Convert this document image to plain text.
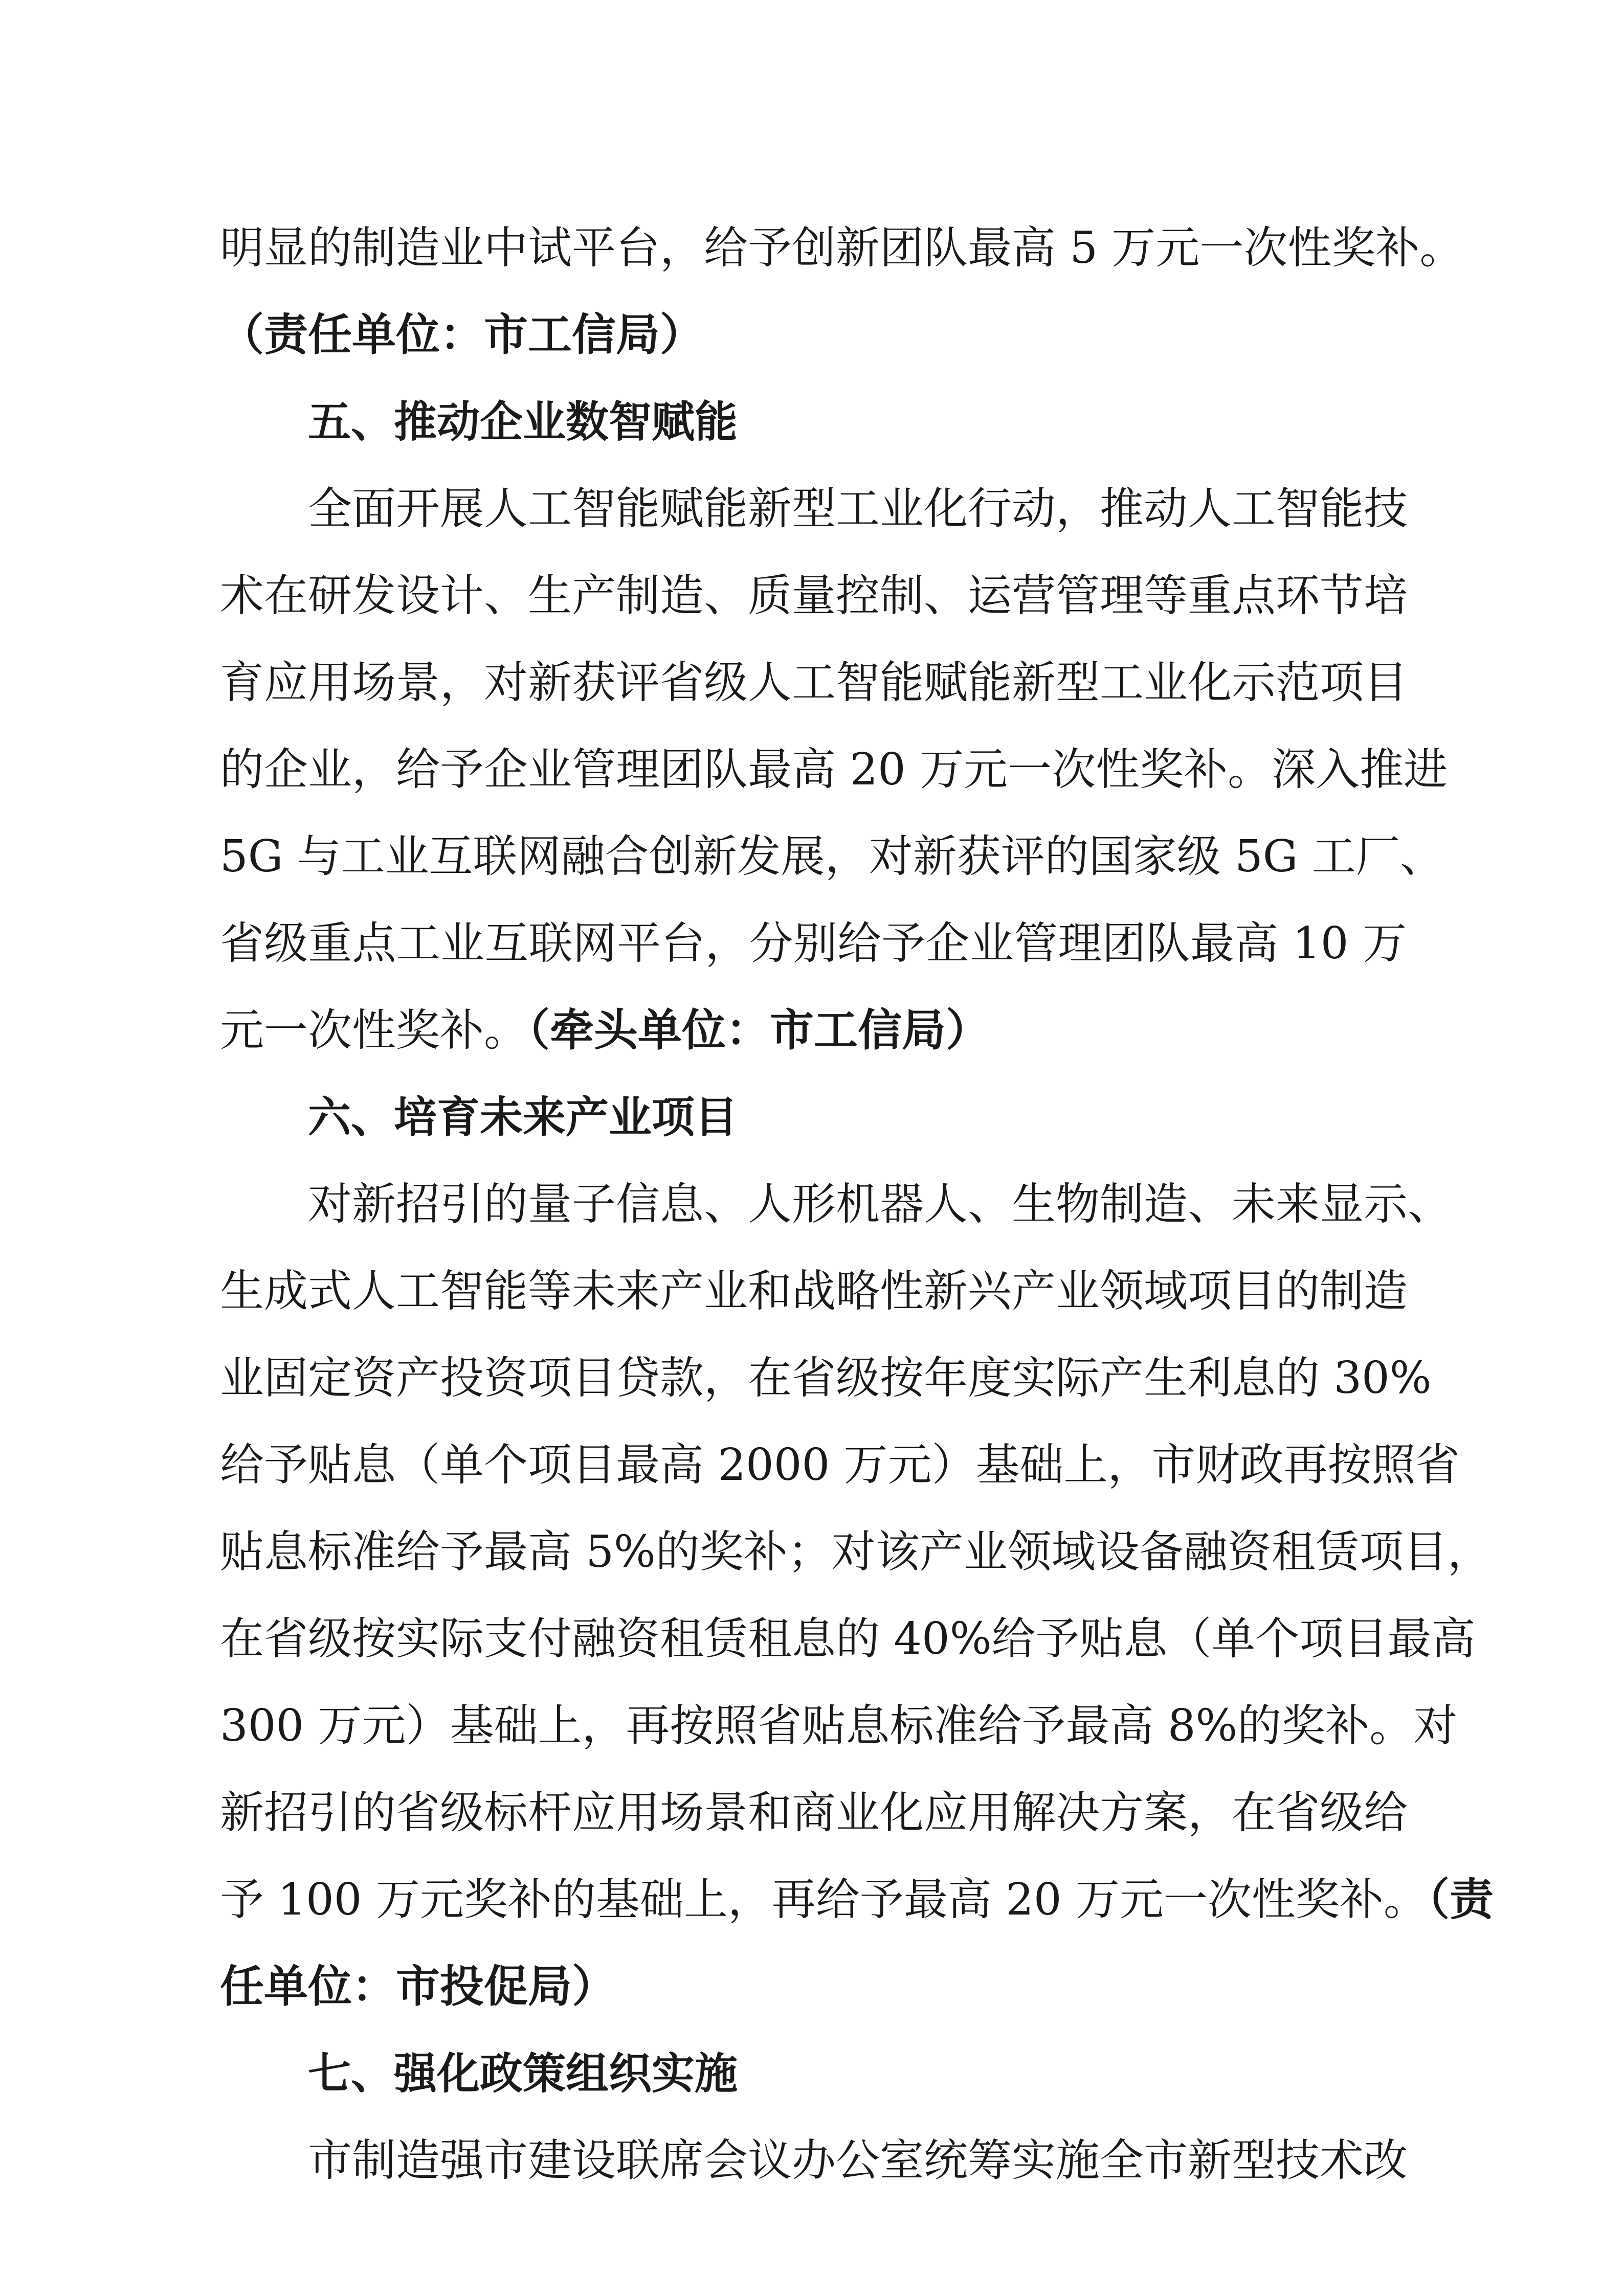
明显的制造业中试平台，给予创新团队最高 5 万元一次性奖补。
（责任单位：市工信局）
五、推动企业数智赋能
全面开展人工智能赋能新型工业化行动，推动人工智能技
术在研发设计、生产制造、质量控制、运营管理等重点环节培
育应用场景，对新获评省级人工智能赋能新型工业化示范项目
的企业，给予企业管理团队最高 20 万元一次性奖补。深入推进
5G 与工业互联网融合创新发展，对新获评的国家级 5G 工厂、
省级重点工业互联网平台，分别给予企业管理团队最高 10 万
元一次性奖补。（牵头单位：市工信局）
六、培育未来产业项目
对新招引的量子信息、人形机器人、生物制造、未来显示、
生成式人工智能等未来产业和战略性新兴产业领域项目的制造
业固定资产投资项目贷款，在省级按年度实际产生利息的 30%
给予贴息（单个项目最高 2000 万元）基础上，市财政再按照省
贴息标准给予最高 5%的奖补；对该产业领域设备融资租赁项目，
在省级按实际支付融资租赁租息的 40%给予贴息（单个项目最高
300 万元）基础上，再按照省贴息标准给予最高 8%的奖补。对
新招引的省级标杆应用场景和商业化应用解决方案，在省级给
予 100 万元奖补的基础上，再给予最高 20 万元一次性奖补。（责
任单位：市投促局）
七、强化政策组织实施
市制造强市建设联席会议办公室统筹实施全市新型技术改
